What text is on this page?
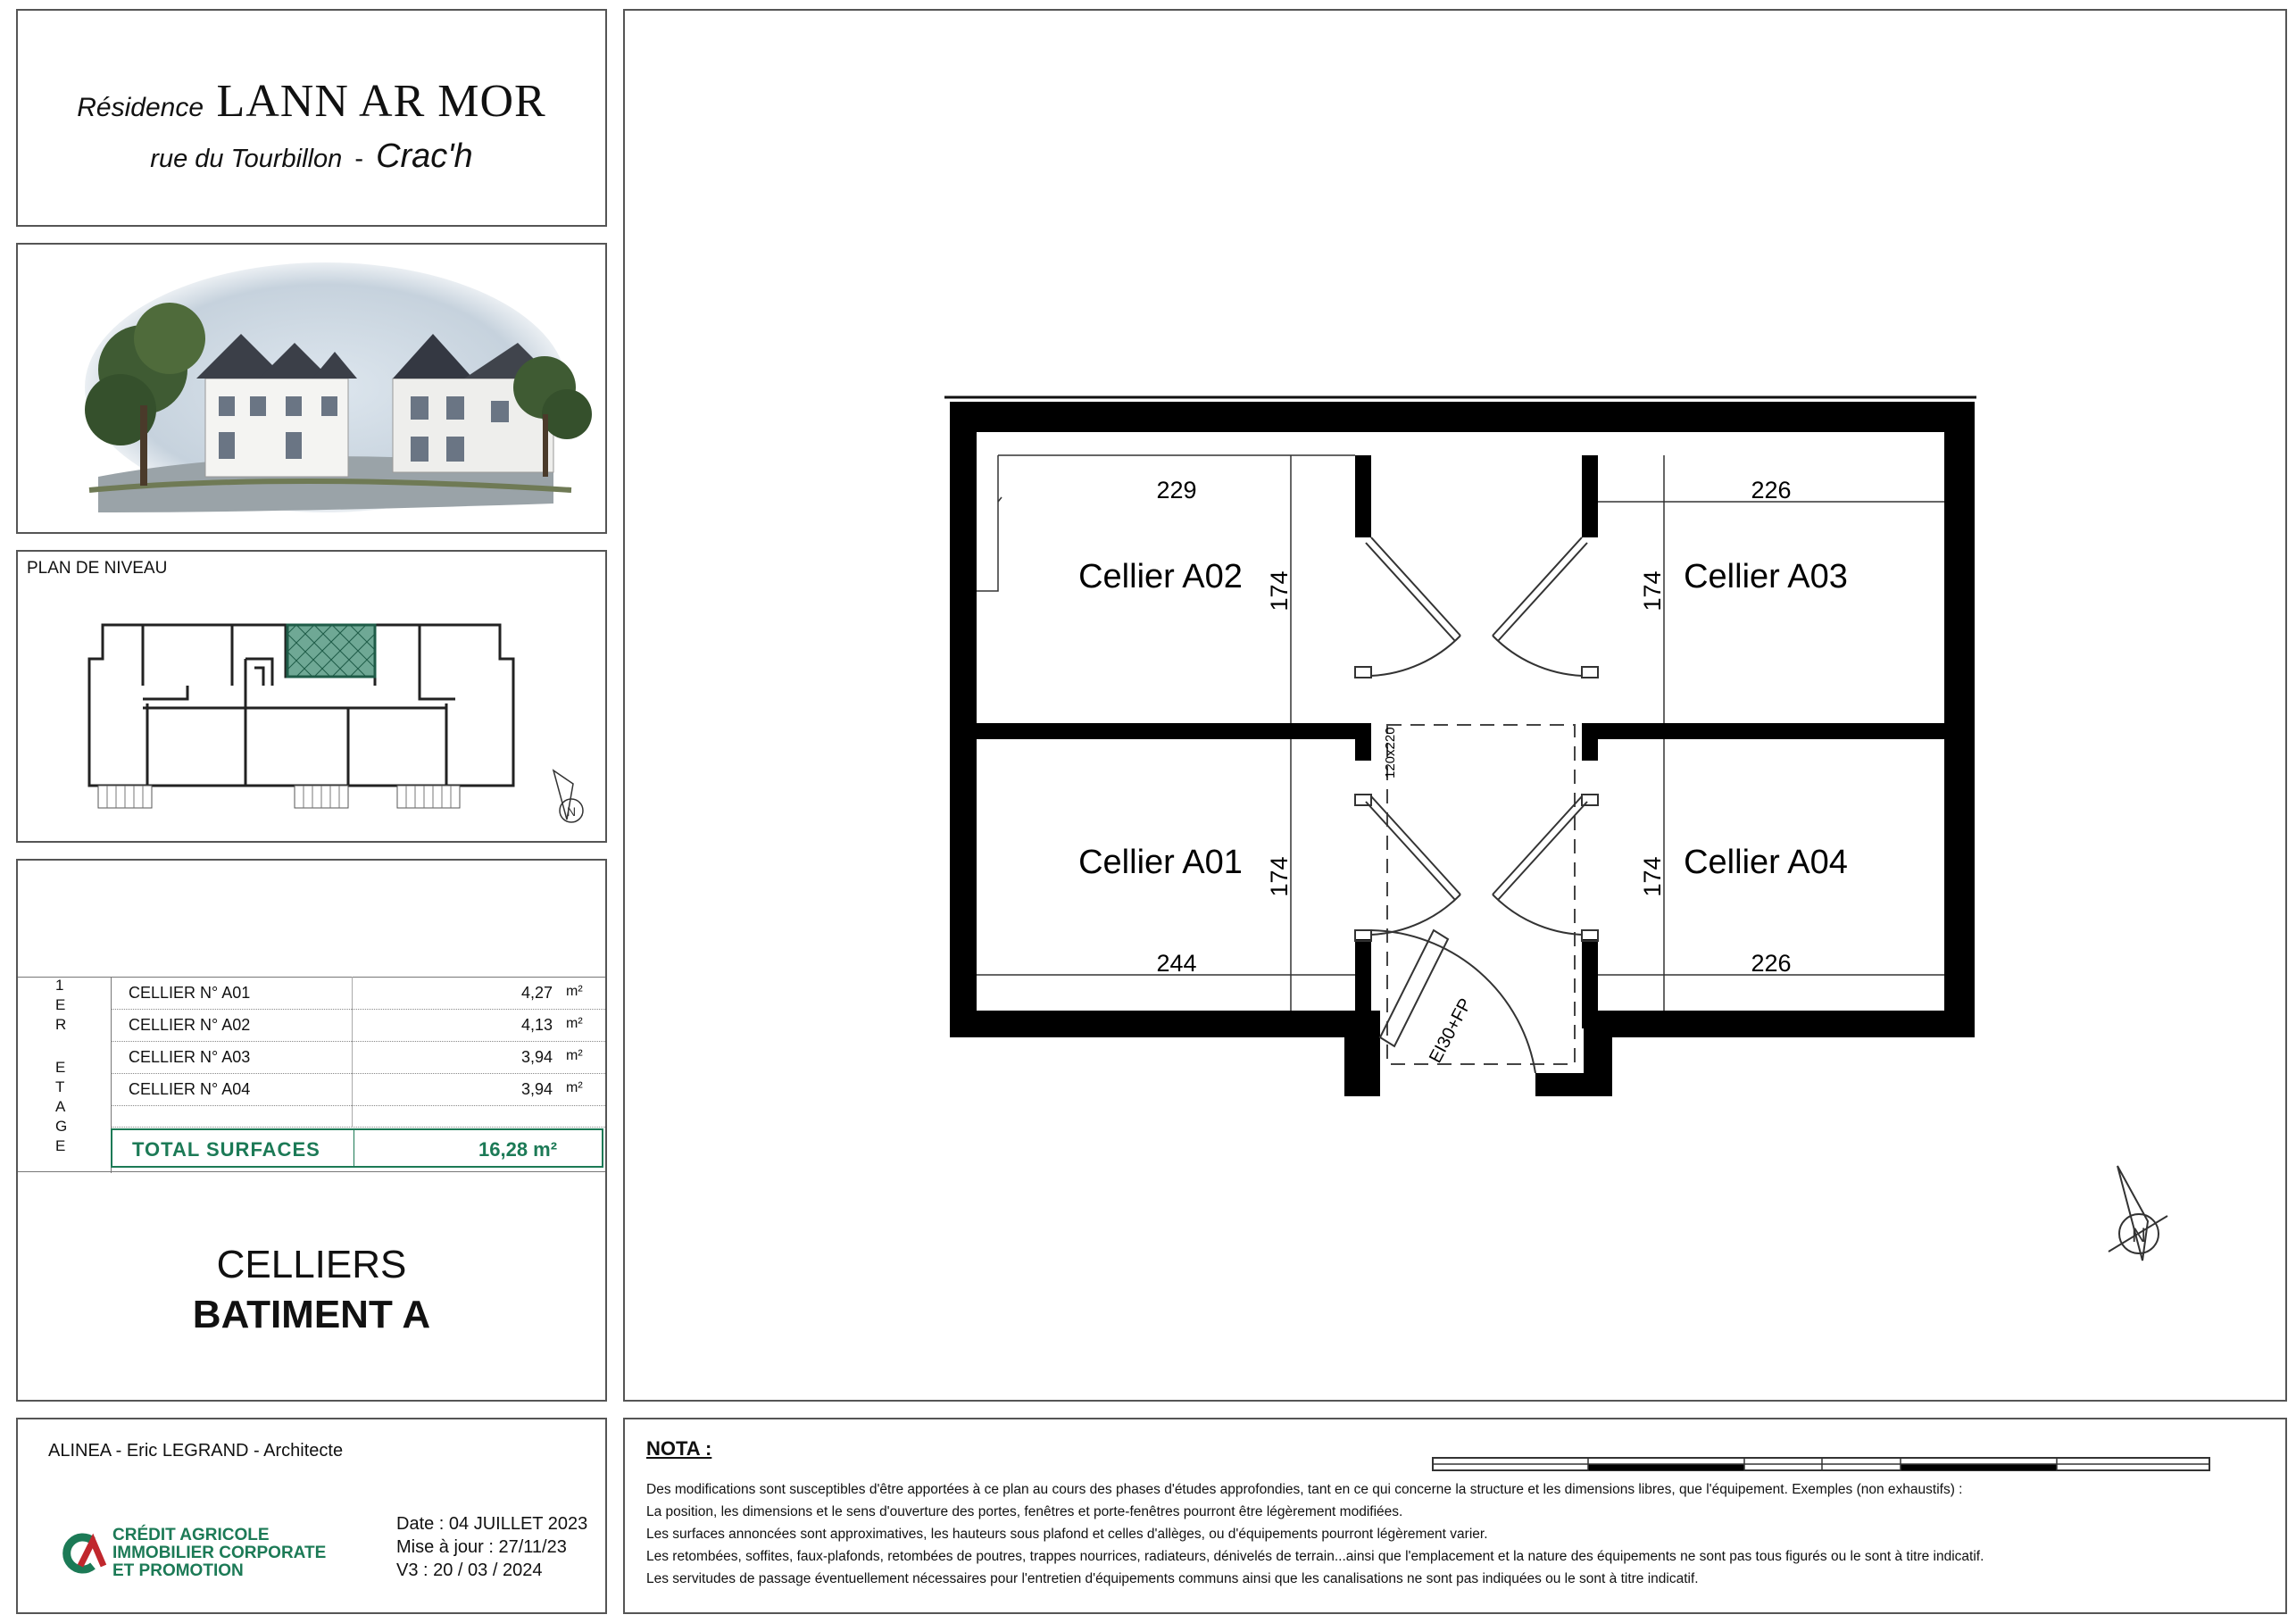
Résidence LANN AR MOR
rue du Tourbillon - Crac'h
PLAN DE NIVEAU
N
1
E
R
E
T
A
G
E
CELLIER N° A01	4,27 m²
CELLIER N° A02	4,13 m²
CELLIER N° A03	3,94 m²
CELLIER N° A04	3,94 m²
TOTAL SURFACES	16,28 m²
CELLIERS
BATIMENT A
ALINEA - Eric LEGRAND - Architecte
CRÉDIT AGRICOLE
IMMOBILIER CORPORATE
ET PROMOTION
Date : 04 JUILLET 2023
Mise à jour : 27/11/23
V3 : 20 / 03 / 2024
120x220
EI30+FP
229	226
244	226
174	174
174	174
Cellier A02	Cellier A03
Cellier A01	Cellier A04
N
NOTA :
Des modifications sont susceptibles d'être apportées à ce plan au cours des phases d'études approfondies, tant en ce qui concerne la structure et les dimensions libres, que l'équipement. Exemples (non exhaustifs) :
La position, les dimensions et le sens d'ouverture des portes, fenêtres et porte-fenêtres pourront être légèrement modifiées.
Les surfaces annoncées sont approximatives, les hauteurs sous plafond et celles d'allèges, ou d'équipements pourront légèrement varier.
Les retombées, soffites, faux-plafonds, retombées de poutres, trappes nourrices, radiateurs, dénivelés de terrain...ainsi que l'emplacement et la nature des équipements ne sont pas tous figurés ou le sont à titre indicatif.
Les servitudes de passage éventuellement nécessaires pour l'entretien d'équipements communs ainsi que les canalisations ne sont pas indiquées ou le sont à titre indicatif.
